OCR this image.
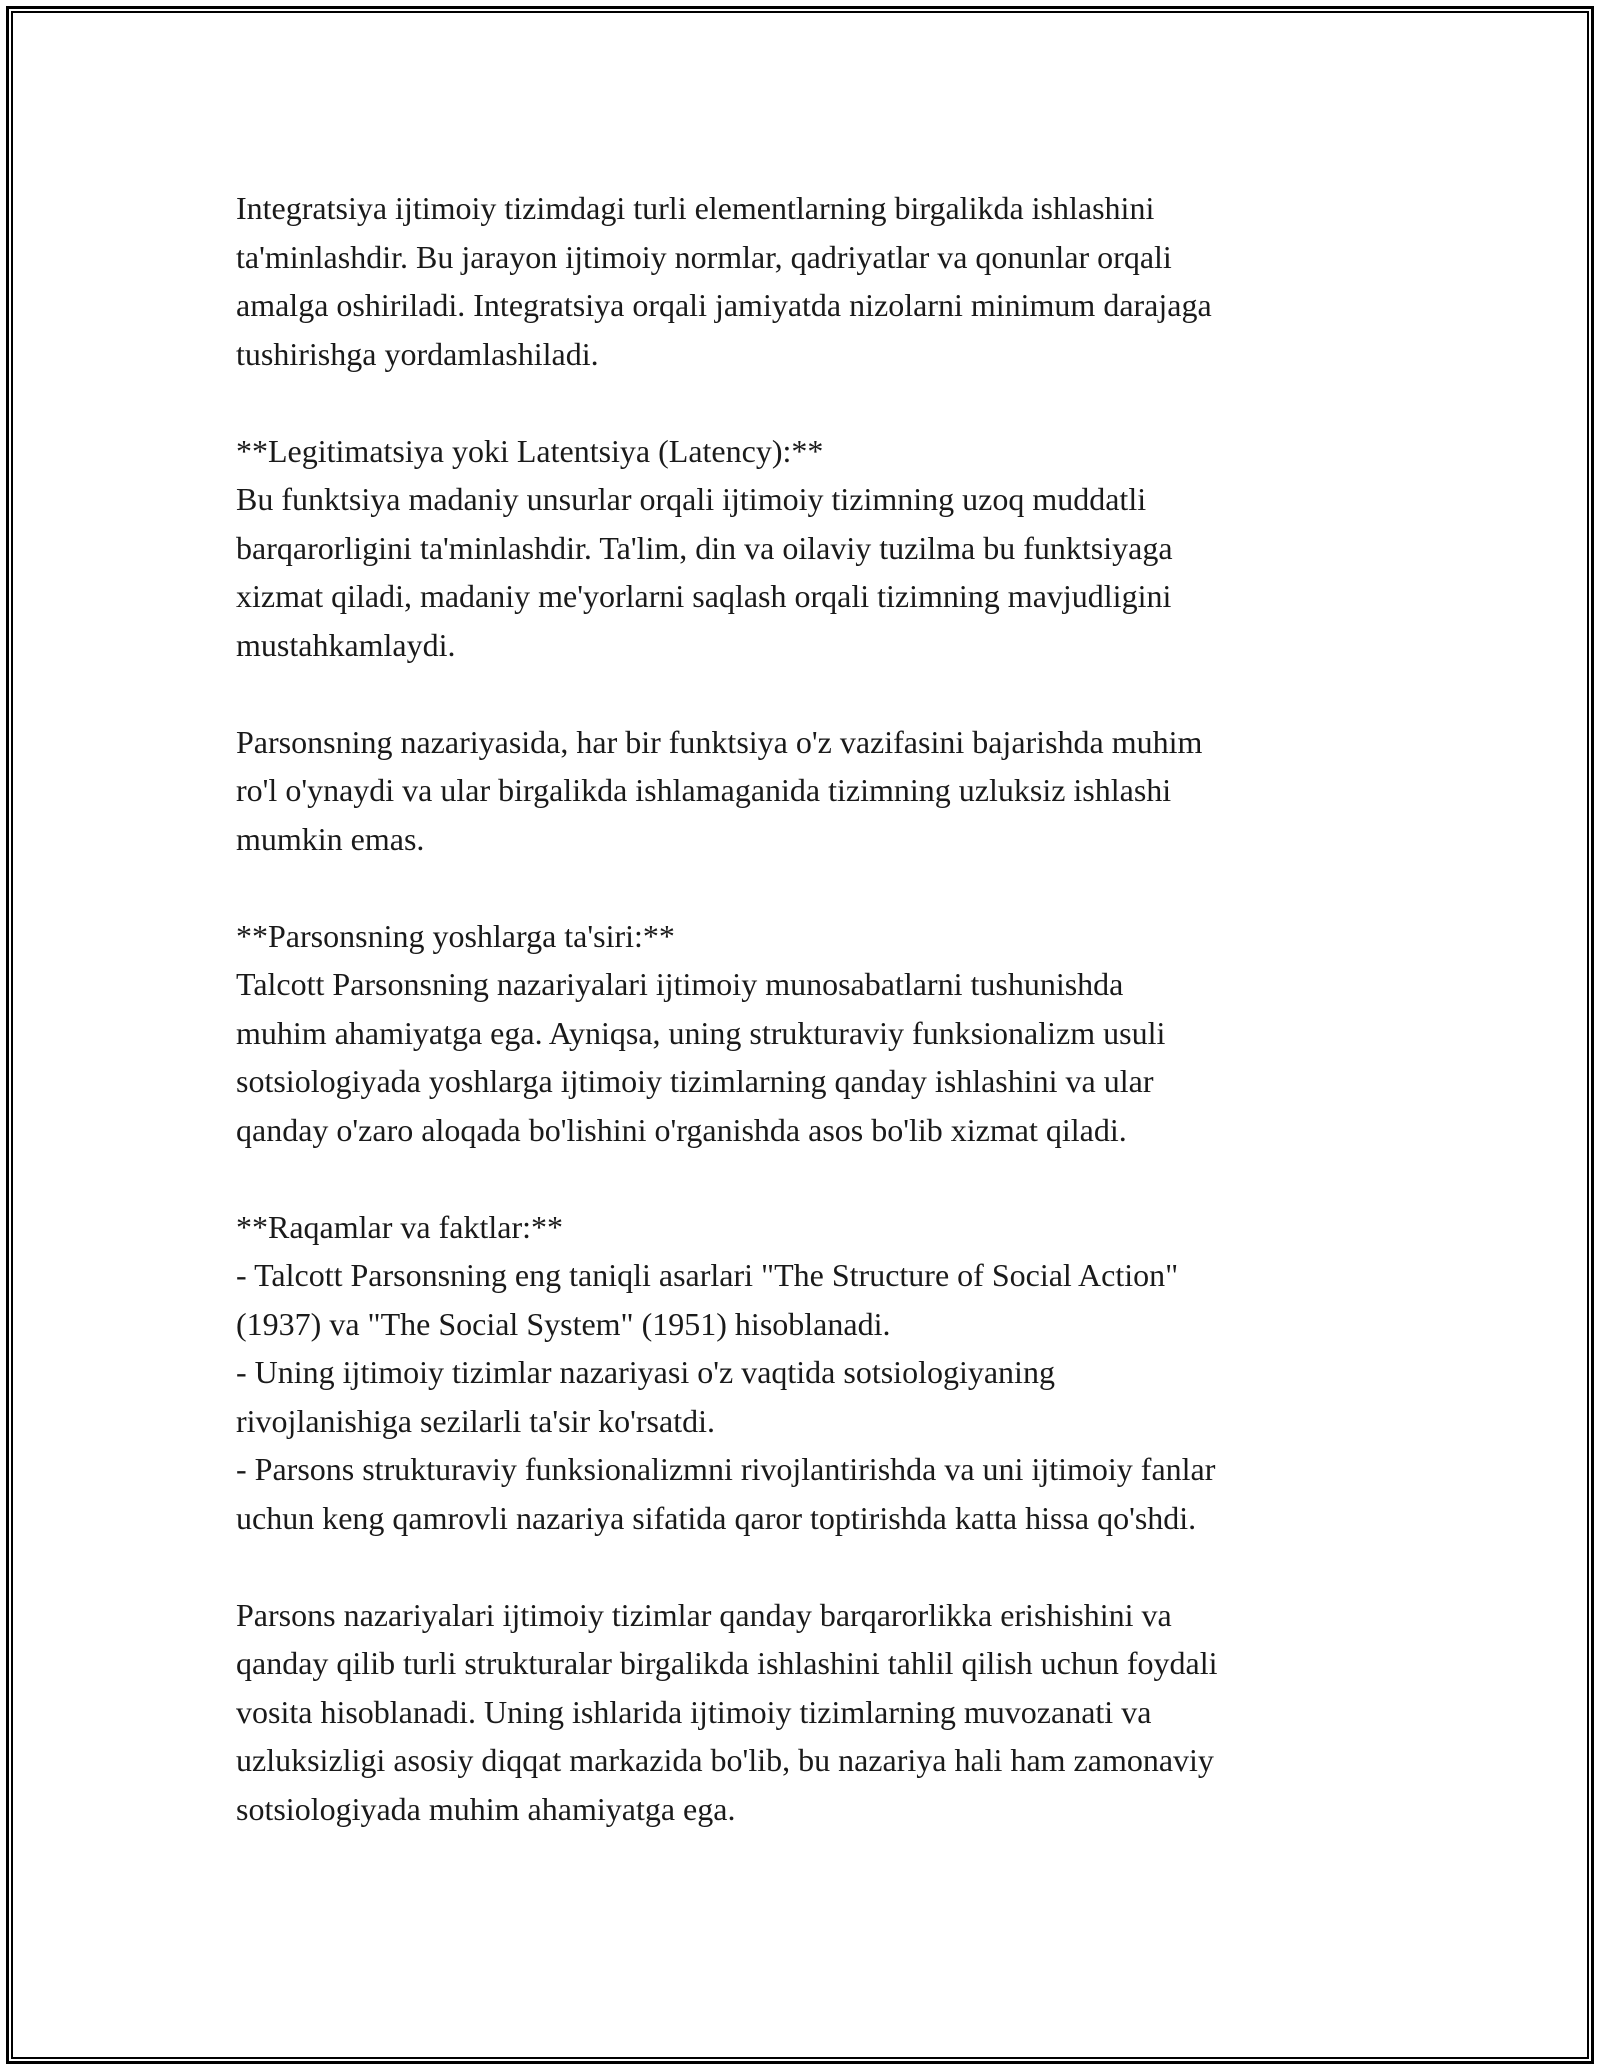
Integratsiya ijtimoiy tizimdagi turli elementlarning birgalikda ishlashini
ta'minlashdir. Bu jarayon ijtimoiy normlar, qadriyatlar va qonunlar orqali
amalga oshiriladi. Integratsiya orqali jamiyatda nizolarni minimum darajaga
tushirishga yordamlashiladi.
**Legitimatsiya yoki Latentsiya (Latency):**
Bu funktsiya madaniy unsurlar orqali ijtimoiy tizimning uzoq muddatli
barqarorligini ta'minlashdir. Ta'lim, din va oilaviy tuzilma bu funktsiyaga
xizmat qiladi, madaniy me'yorlarni saqlash orqali tizimning mavjudligini
mustahkamlaydi.
Parsonsning nazariyasida, har bir funktsiya o'z vazifasini bajarishda muhim
ro'l o'ynaydi va ular birgalikda ishlamaganida tizimning uzluksiz ishlashi
mumkin emas.
**Parsonsning yoshlarga ta'siri:**
Talcott Parsonsning nazariyalari ijtimoiy munosabatlarni tushunishda
muhim ahamiyatga ega. Ayniqsa, uning strukturaviy funksionalizm usuli
sotsiologiyada yoshlarga ijtimoiy tizimlarning qanday ishlashini va ular
qanday o'zaro aloqada bo'lishini o'rganishda asos bo'lib xizmat qiladi.
**Raqamlar va faktlar:**
- Talcott Parsonsning eng taniqli asarlari "The Structure of Social Action"
(1937) va "The Social System" (1951) hisoblanadi.
- Uning ijtimoiy tizimlar nazariyasi o'z vaqtida sotsiologiyaning
rivojlanishiga sezilarli ta'sir ko'rsatdi.
- Parsons strukturaviy funksionalizmni rivojlantirishda va uni ijtimoiy fanlar
uchun keng qamrovli nazariya sifatida qaror toptirishda katta hissa qo'shdi.
Parsons nazariyalari ijtimoiy tizimlar qanday barqarorlikka erishishini va
qanday qilib turli strukturalar birgalikda ishlashini tahlil qilish uchun foydali
vosita hisoblanadi. Uning ishlarida ijtimoiy tizimlarning muvozanati va
uzluksizligi asosiy diqqat markazida bo'lib, bu nazariya hali ham zamonaviy
sotsiologiyada muhim ahamiyatga ega.
